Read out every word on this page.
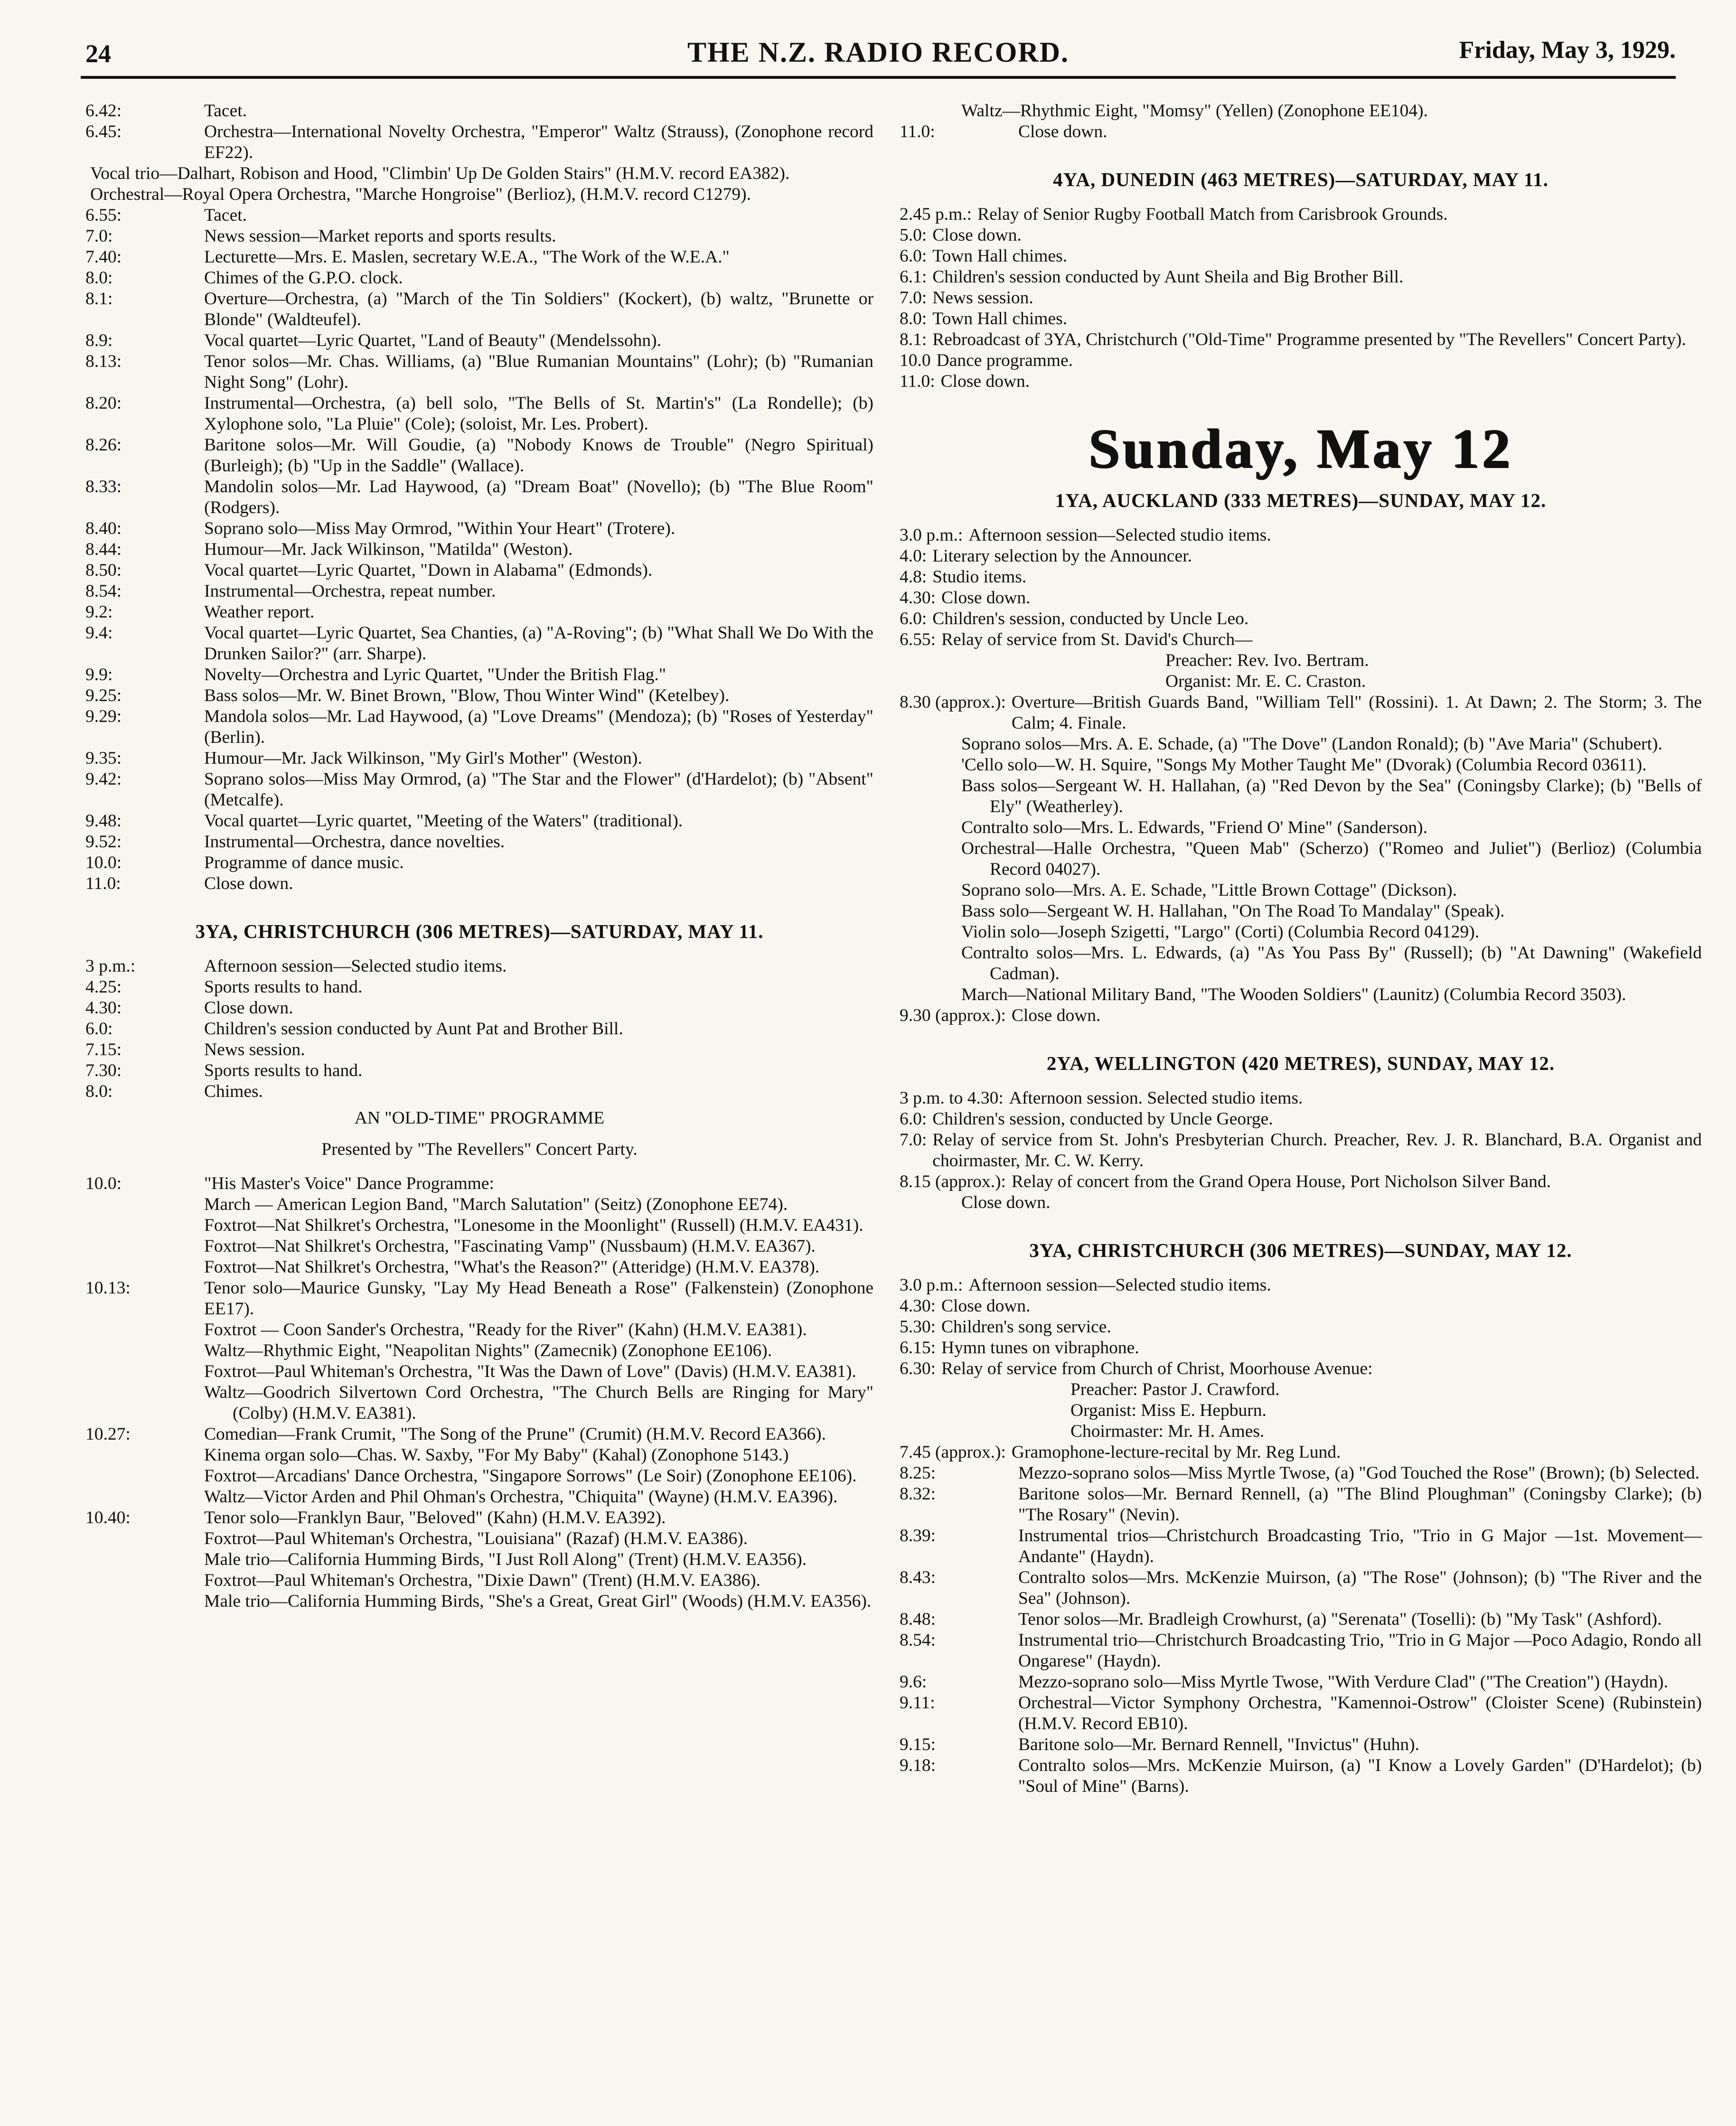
24	THE N.Z. RADIO RECORD.	Friday, May 3, 1929.
6.42:	Tacet.
6.45:	Orchestra—International Novelty Orchestra, "Emperor" Waltz (Strauss), (Zonophone record EF22).
Vocal trio—Dalhart, Robison and Hood, "Climbin' Up De Golden Stairs" (H.M.V. record EA382).
Orchestral—Royal Opera Orchestra, "Marche Hongroise" (Berlioz), (H.M.V. record C1279).
6.55:	Tacet.
7.0:	News session—Market reports and sports results.
7.40:	Lecturette—Mrs. E. Maslen, secretary W.E.A., "The Work of the W.E.A."
8.0:	Chimes of the G.P.O. clock.
8.1:	Overture—Orchestra, (a) "March of the Tin Soldiers" (Kockert), (b) waltz, "Brunette or Blonde" (Waldteufel).
8.9:	Vocal quartet—Lyric Quartet, "Land of Beauty" (Mendelssohn).
8.13:	Tenor solos—Mr. Chas. Williams, (a) "Blue Rumanian Mountains" (Lohr); (b) "Rumanian Night Song" (Lohr).
8.20:	Instrumental—Orchestra, (a) bell solo, "The Bells of St. Martin's" (La Rondelle); (b) Xylophone solo, "La Pluie" (Cole); (soloist, Mr. Les. Probert).
8.26:	Baritone solos—Mr. Will Goudie, (a) "Nobody Knows de Trouble" (Negro Spiritual) (Burleigh); (b) "Up in the Saddle" (Wallace).
8.33:	Mandolin solos—Mr. Lad Haywood, (a) "Dream Boat" (Novello); (b) "The Blue Room" (Rodgers).
8.40:	Soprano solo—Miss May Ormrod, "Within Your Heart" (Trotere).
8.44:	Humour—Mr. Jack Wilkinson, "Matilda" (Weston).
8.50:	Vocal quartet—Lyric Quartet, "Down in Alabama" (Edmonds).
8.54:	Instrumental—Orchestra, repeat number.
9.2:	Weather report.
9.4:	Vocal quartet—Lyric Quartet, Sea Chanties, (a) "A-Roving"; (b) "What Shall We Do With the Drunken Sailor?" (arr. Sharpe).
9.9:	Novelty—Orchestra and Lyric Quartet, "Under the British Flag."
9.25:	Bass solos—Mr. W. Binet Brown, "Blow, Thou Winter Wind" (Ketelbey).
9.29:	Mandola solos—Mr. Lad Haywood, (a) "Love Dreams" (Mendoza); (b) "Roses of Yesterday" (Berlin).
9.35:	Humour—Mr. Jack Wilkinson, "My Girl's Mother" (Weston).
9.42:	Soprano solos—Miss May Ormrod, (a) "The Star and the Flower" (d'Hardelot); (b) "Absent" (Metcalfe).
9.48:	Vocal quartet—Lyric quartet, "Meeting of the Waters" (traditional).
9.52:	Instrumental—Orchestra, dance novelties.
10.0:	Programme of dance music.
11.0:	Close down.
3YA, CHRISTCHURCH (306 METRES)—SATURDAY, MAY 11.
3 p.m.:	Afternoon session—Selected studio items.
4.25:	Sports results to hand.
4.30:	Close down.
6.0:	Children's session conducted by Aunt Pat and Brother Bill.
7.15:	News session.
7.30:	Sports results to hand.
8.0:	Chimes.
AN "OLD-TIME" PROGRAMME
Presented by "The Revellers" Concert Party.
10.0:	"His Master's Voice" Dance Programme:
March — American Legion Band, "March Salutation" (Seitz) (Zonophone EE74).
Foxtrot—Nat Shilkret's Orchestra, "Lonesome in the Moonlight" (Russell) (H.M.V. EA431).
Foxtrot—Nat Shilkret's Orchestra, "Fascinating Vamp" (Nussbaum) (H.M.V. EA367).
Foxtrot—Nat Shilkret's Orchestra, "What's the Reason?" (Atteridge) (H.M.V. EA378).
10.13:	Tenor solo—Maurice Gunsky, "Lay My Head Beneath a Rose" (Falkenstein) (Zonophone EE17).
Foxtrot — Coon Sander's Orchestra, "Ready for the River" (Kahn) (H.M.V. EA381).
Waltz—Rhythmic Eight, "Neapolitan Nights" (Zamecnik) (Zonophone EE106).
Foxtrot—Paul Whiteman's Orchestra, "It Was the Dawn of Love" (Davis) (H.M.V. EA381).
Waltz—Goodrich Silvertown Cord Orchestra, "The Church Bells are Ringing for Mary" (Colby) (H.M.V. EA381).
10.27:	Comedian—Frank Crumit, "The Song of the Prune" (Crumit) (H.M.V. Record EA366).
Kinema organ solo—Chas. W. Saxby, "For My Baby" (Kahal) (Zonophone 5143.)
Foxtrot—Arcadians' Dance Orchestra, "Singapore Sorrows" (Le Soir) (Zonophone EE106).
Waltz—Victor Arden and Phil Ohman's Orchestra, "Chiquita" (Wayne) (H.M.V. EA396).
10.40:	Tenor solo—Franklyn Baur, "Beloved" (Kahn) (H.M.V. EA392).
Foxtrot—Paul Whiteman's Orchestra, "Louisiana" (Razaf) (H.M.V. EA386).
Male trio—California Humming Birds, "I Just Roll Along" (Trent) (H.M.V. EA356).
Foxtrot—Paul Whiteman's Orchestra, "Dixie Dawn" (Trent) (H.M.V. EA386).
Male trio—California Humming Birds, "She's a Great, Great Girl" (Woods) (H.M.V. EA356).
Waltz—Rhythmic Eight, "Momsy" (Yellen) (Zonophone EE104).
11.0:	Close down.
4YA, DUNEDIN (463 METRES)—SATURDAY, MAY 11.
2.45 p.m.: Relay of Senior Rugby Football Match from Carisbrook Grounds.
5.0: Close down.
6.0: Town Hall chimes.
6.1: Children's session conducted by Aunt Sheila and Big Brother Bill.
7.0: News session.
8.0: Town Hall chimes.
8.1: Rebroadcast of 3YA, Christchurch ("Old-Time" Programme presented by "The Revellers" Concert Party).
10.0 Dance programme.
11.0: Close down.
Sunday, May 12
1YA, AUCKLAND (333 METRES)—SUNDAY, MAY 12.
3.0 p.m.: Afternoon session—Selected studio items.
4.0: Literary selection by the Announcer.
4.8: Studio items.
4.30: Close down.
6.0: Children's session, conducted by Uncle Leo.
6.55: Relay of service from St. David's Church—
Preacher: Rev. Ivo. Bertram.
Organist: Mr. E. C. Craston.
8.30 (approx.): Overture—British Guards Band, "William Tell" (Rossini). 1. At Dawn; 2. The Storm; 3. The Calm; 4. Finale.
Soprano solos—Mrs. A. E. Schade, (a) "The Dove" (Landon Ronald); (b) "Ave Maria" (Schubert).
'Cello solo—W. H. Squire, "Songs My Mother Taught Me" (Dvorak) (Columbia Record 03611).
Bass solos—Sergeant W. H. Hallahan, (a) "Red Devon by the Sea" (Coningsby Clarke); (b) "Bells of Ely" (Weatherley).
Contralto solo—Mrs. L. Edwards, "Friend O' Mine" (Sanderson).
Orchestral—Halle Orchestra, "Queen Mab" (Scherzo) ("Romeo and Juliet") (Berlioz) (Columbia Record 04027).
Soprano solo—Mrs. A. E. Schade, "Little Brown Cottage" (Dickson).
Bass solo—Sergeant W. H. Hallahan, "On The Road To Mandalay" (Speak).
Violin solo—Joseph Szigetti, "Largo" (Corti) (Columbia Record 04129).
Contralto solos—Mrs. L. Edwards, (a) "As You Pass By" (Russell); (b) "At Dawning" (Wakefield Cadman).
March—National Military Band, "The Wooden Soldiers" (Launitz) (Columbia Record 3503).
9.30 (approx.): Close down.
2YA, WELLINGTON (420 METRES), SUNDAY, MAY 12.
3 p.m. to 4.30: Afternoon session. Selected studio items.
6.0: Children's session, conducted by Uncle George.
7.0: Relay of service from St. John's Presbyterian Church. Preacher, Rev. J. R. Blanchard, B.A. Organist and choirmaster, Mr. C. W. Kerry.
8.15 (approx.): Relay of concert from the Grand Opera House, Port Nicholson Silver Band.
Close down.
3YA, CHRISTCHURCH (306 METRES)—SUNDAY, MAY 12.
3.0 p.m.: Afternoon session—Selected studio items.
4.30: Close down.
5.30: Children's song service.
6.15: Hymn tunes on vibraphone.
6.30: Relay of service from Church of Christ, Moorhouse Avenue:
Preacher: Pastor J. Crawford.
Organist: Miss E. Hepburn.
Choirmaster: Mr. H. Ames.
7.45 (approx.): Gramophone-lecture-recital by Mr. Reg Lund.
8.25:	Mezzo-soprano solos—Miss Myrtle Twose, (a) "God Touched the Rose" (Brown); (b) Selected.
8.32:	Baritone solos—Mr. Bernard Rennell, (a) "The Blind Ploughman" (Coningsby Clarke); (b) "The Rosary" (Nevin).
8.39:	Instrumental trios—Christchurch Broadcasting Trio, "Trio in G Major —1st. Movement—Andante" (Haydn).
8.43:	Contralto solos—Mrs. McKenzie Muirson, (a) "The Rose" (Johnson); (b) "The River and the Sea" (Johnson).
8.48:	Tenor solos—Mr. Bradleigh Crowhurst, (a) "Serenata" (Toselli): (b) "My Task" (Ashford).
8.54:	Instrumental trio—Christchurch Broadcasting Trio, "Trio in G Major —Poco Adagio, Rondo all Ongarese" (Haydn).
9.6:	Mezzo-soprano solo—Miss Myrtle Twose, "With Verdure Clad" ("The Creation") (Haydn).
9.11:	Orchestral—Victor Symphony Orchestra, "Kamennoi-Ostrow" (Cloister Scene) (Rubinstein) (H.M.V. Record EB10).
9.15:	Baritone solo—Mr. Bernard Rennell, "Invictus" (Huhn).
9.18:	Contralto solos—Mrs. McKenzie Muirson, (a) "I Know a Lovely Garden" (D'Hardelot); (b) "Soul of Mine" (Barns).
